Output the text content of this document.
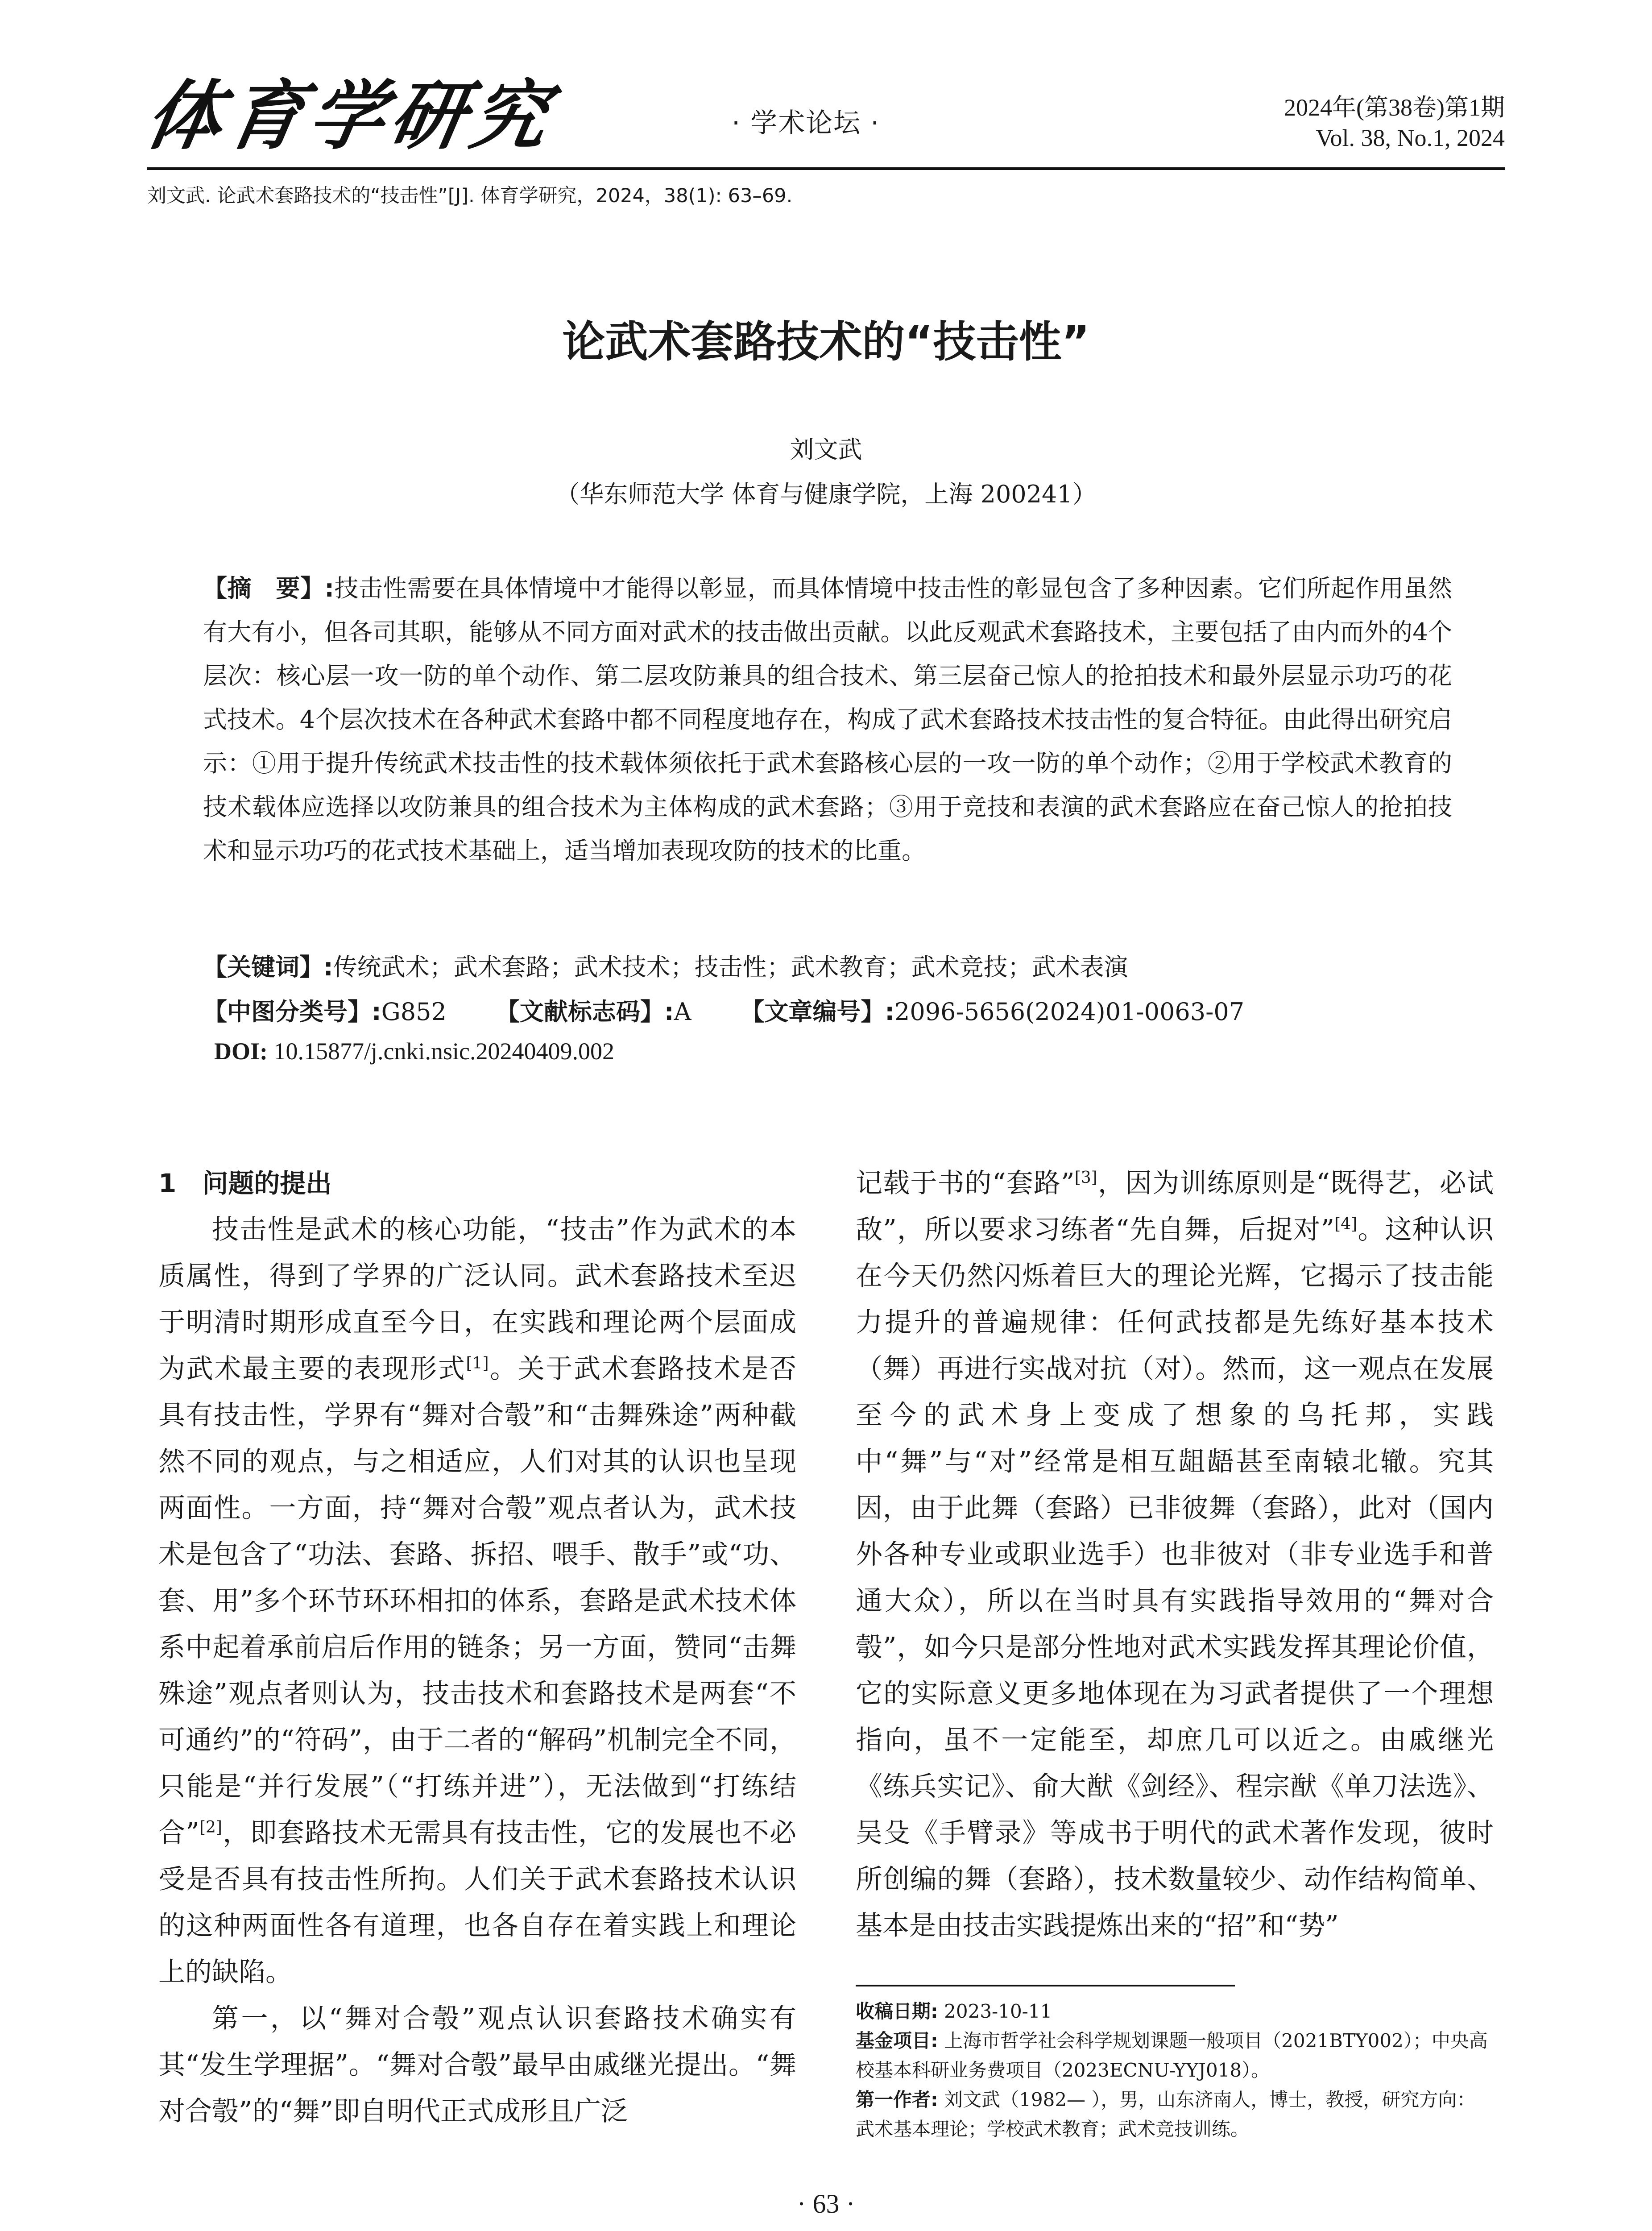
体育学研究	· 学术论坛 ·	2024年(第38卷)第1期
Vol. 38, No.1, 2024
刘文武. 论武术套路技术的“技击性”[J]. 体育学研究，2024，38(1): 63–69.
论武术套路技术的“技击性”
刘文武
（华东师范大学 体育与健康学院，上海 200241）
【摘　要】:技击性需要在具体情境中才能得以彰显，而具体情境中技击性的彰显包含了多种因素。它们所起作用虽然有大有小，但各司其职，能够从不同方面对武术的技击做出贡献。以此反观武术套路技术，主要包括了由内而外的4个层次：核心层一攻一防的单个动作、第二层攻防兼具的组合技术、第三层奋己惊人的抢拍技术和最外层显示功巧的花式技术。4个层次技术在各种武术套路中都不同程度地存在，构成了武术套路技术技击性的复合特征。由此得出研究启示：①用于提升传统武术技击性的技术载体须依托于武术套路核心层的一攻一防的单个动作；②用于学校武术教育的技术载体应选择以攻防兼具的组合技术为主体构成的武术套路；③用于竞技和表演的武术套路应在奋己惊人的抢拍技术和显示功巧的花式技术基础上，适当增加表现攻防的技术的比重。
【关键词】:传统武术；武术套路；武术技术；技击性；武术教育；武术竞技；武术表演
【中图分类号】:G852 【文献标志码】:A 【文章编号】:2096-5656(2024)01-0063-07
DOI: 10.15877/j.cnki.nsic.20240409.002

1　问题的提出

技击性是武术的核心功能，“技击”作为武术的本质属性，得到了学界的广泛认同。武术套路技术至迟于明清时期形成直至今日，在实践和理论两个层面成为武术最主要的表现形式[1]。关于武术套路技术是否具有技击性，学界有“舞对合彀”和“击舞殊途”两种截然不同的观点，与之相适应，人们对其的认识也呈现两面性。一方面，持“舞对合彀”观点者认为，武术技术是包含了“功法、套路、拆招、喂手、散手”或“功、套、用”多个环节环环相扣的体系，套路是武术技术体系中起着承前启后作用的链条；另一方面，赞同“击舞殊途”观点者则认为，技击技术和套路技术是两套“不可通约”的“符码”，由于二者的“解码”机制完全不同，只能是“并行发展”（“打练并进”），无法做到“打练结合”[2]，即套路技术无需具有技击性，它的发展也不必受是否具有技击性所拘。人们关于武术套路技术认识的这种两面性各有道理，也各自存在着实践上和理论上的缺陷。

第一，以“舞对合彀”观点认识套路技术确实有其“发生学理据”。“舞对合彀”最早由戚继光提出。“舞对合彀”的“舞”即自明代正式成形且广泛

记载于书的“套路”[3]，因为训练原则是“既得艺，必试敌”，所以要求习练者“先自舞，后捉对”[4]。这种认识在今天仍然闪烁着巨大的理论光辉，它揭示了技击能力提升的普遍规律：任何武技都是先练好基本技术（舞）再进行实战对抗（对）。然而，这一观点在发展至今的武术身上变成了想象的乌托邦，实践中“舞”与“对”经常是相互龃龉甚至南辕北辙。究其因，由于此舞（套路）已非彼舞（套路），此对（国内外各种专业或职业选手）也非彼对（非专业选手和普通大众），所以在当时具有实践指导效用的“舞对合彀”，如今只是部分性地对武术实践发挥其理论价值，它的实际意义更多地体现在为习武者提供了一个理想指向，虽不一定能至，却庶几可以近之。由戚继光《练兵实记》、俞大猷《剑经》、程宗猷《单刀法选》、吴殳《手臂录》等成书于明代的武术著作发现，彼时所创编的舞（套路），技术数量较少、动作结构简单、基本是由技击实践提炼出来的“招”和“势”

收稿日期: 2023-10-11

基金项目: 上海市哲学社会科学规划课题一般项目（2021BTY002）；中央高校基本科研业务费项目（2023ECNU-YYJ018）。

第一作者: 刘文武（1982— ），男，山东济南人，博士，教授，研究方向：武术基本理论；学校武术教育；武术竞技训练。

· 63 ·
